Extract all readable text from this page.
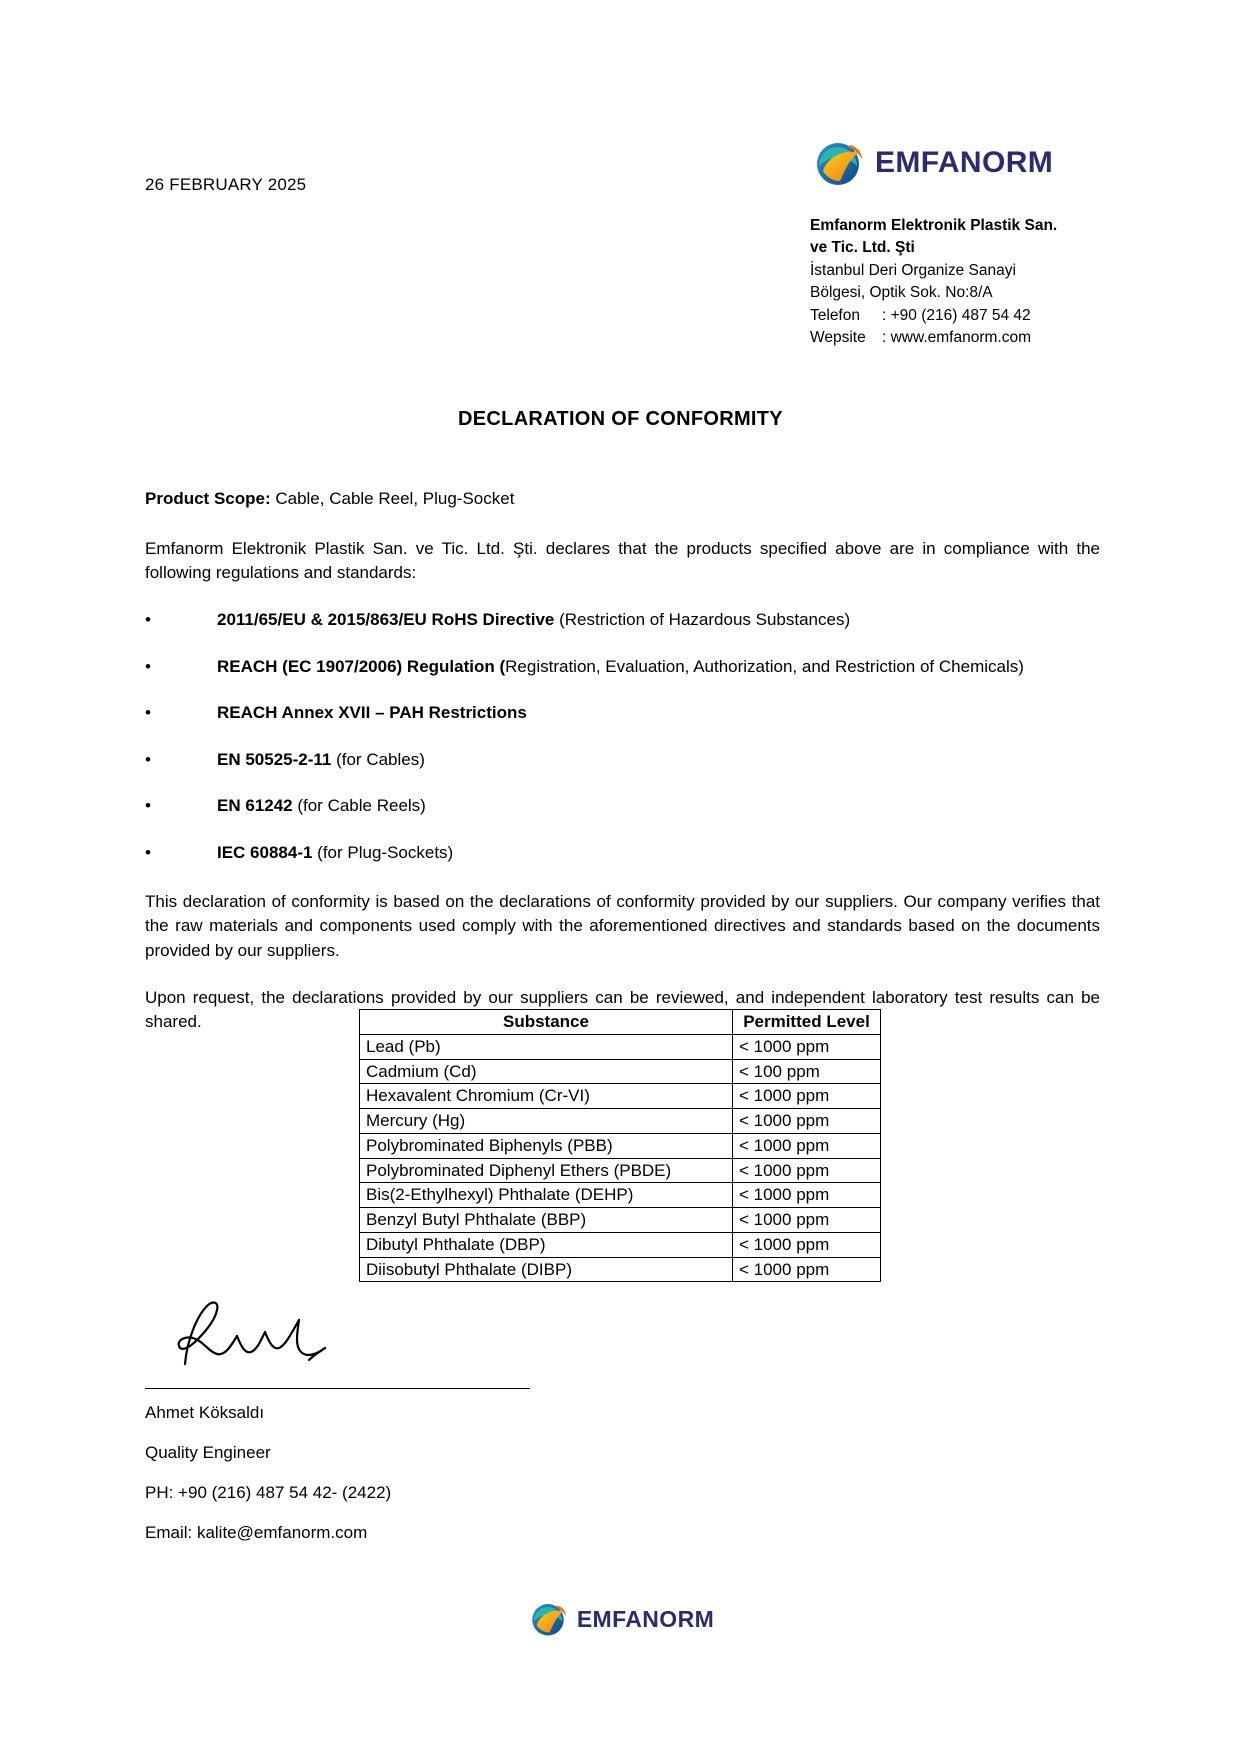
26 FEBRUARY 2025
EMFANORM
Emfanorm Elektronik Plastik San.
ve Tic. Ltd. Şti
İstanbul Deri Organize Sanayi
Bölgesi, Optik Sok. No:8/A
Telefon	: +90 (216) 487 54 42
Wepsite	: www.emfanorm.com
DECLARATION OF CONFORMITY

Product Scope: Cable, Cable Reel, Plug-Socket

Emfanorm Elektronik Plastik San. ve Tic. Ltd. Şti. declares that the products specified above are in compliance with the following regulations and standards:

•	2011/65/EU & 2015/863/EU RoHS Directive (Restriction of Hazardous Substances)
•	REACH (EC 1907/2006) Regulation (Registration, Evaluation, Authorization, and Restriction of Chemicals)
•	REACH Annex XVII – PAH Restrictions
•	EN 50525-2-11 (for Cables)
•	EN 61242 (for Cable Reels)
•	IEC 60884-1 (for Plug-Sockets)

This declaration of conformity is based on the declarations of conformity provided by our suppliers. Our company verifies that the raw materials and components used comply with the aforementioned directives and standards based on the documents provided by our suppliers.

Upon request, the declarations provided by our suppliers can be reviewed, and independent laboratory test results can be shared.	Substance	Permitted Level
Lead (Pb)	< 1000 ppm
Cadmium (Cd)	< 100 ppm
Hexavalent Chromium (Cr-VI)	< 1000 ppm
Mercury (Hg)	< 1000 ppm
Polybrominated Biphenyls (PBB)	< 1000 ppm
Polybrominated Diphenyl Ethers (PBDE)	< 1000 ppm
Bis(2-Ethylhexyl) Phthalate (DEHP)	< 1000 ppm
Benzyl Butyl Phthalate (BBP)	< 1000 ppm
Dibutyl Phthalate (DBP)	< 1000 ppm
Diisobutyl Phthalate (DIBP)	< 1000 ppm
Ahmet Köksaldı
Quality Engineer
PH: +90 (216) 487 54 42- (2422)
Email: kalite@emfanorm.com
EMFANORM
